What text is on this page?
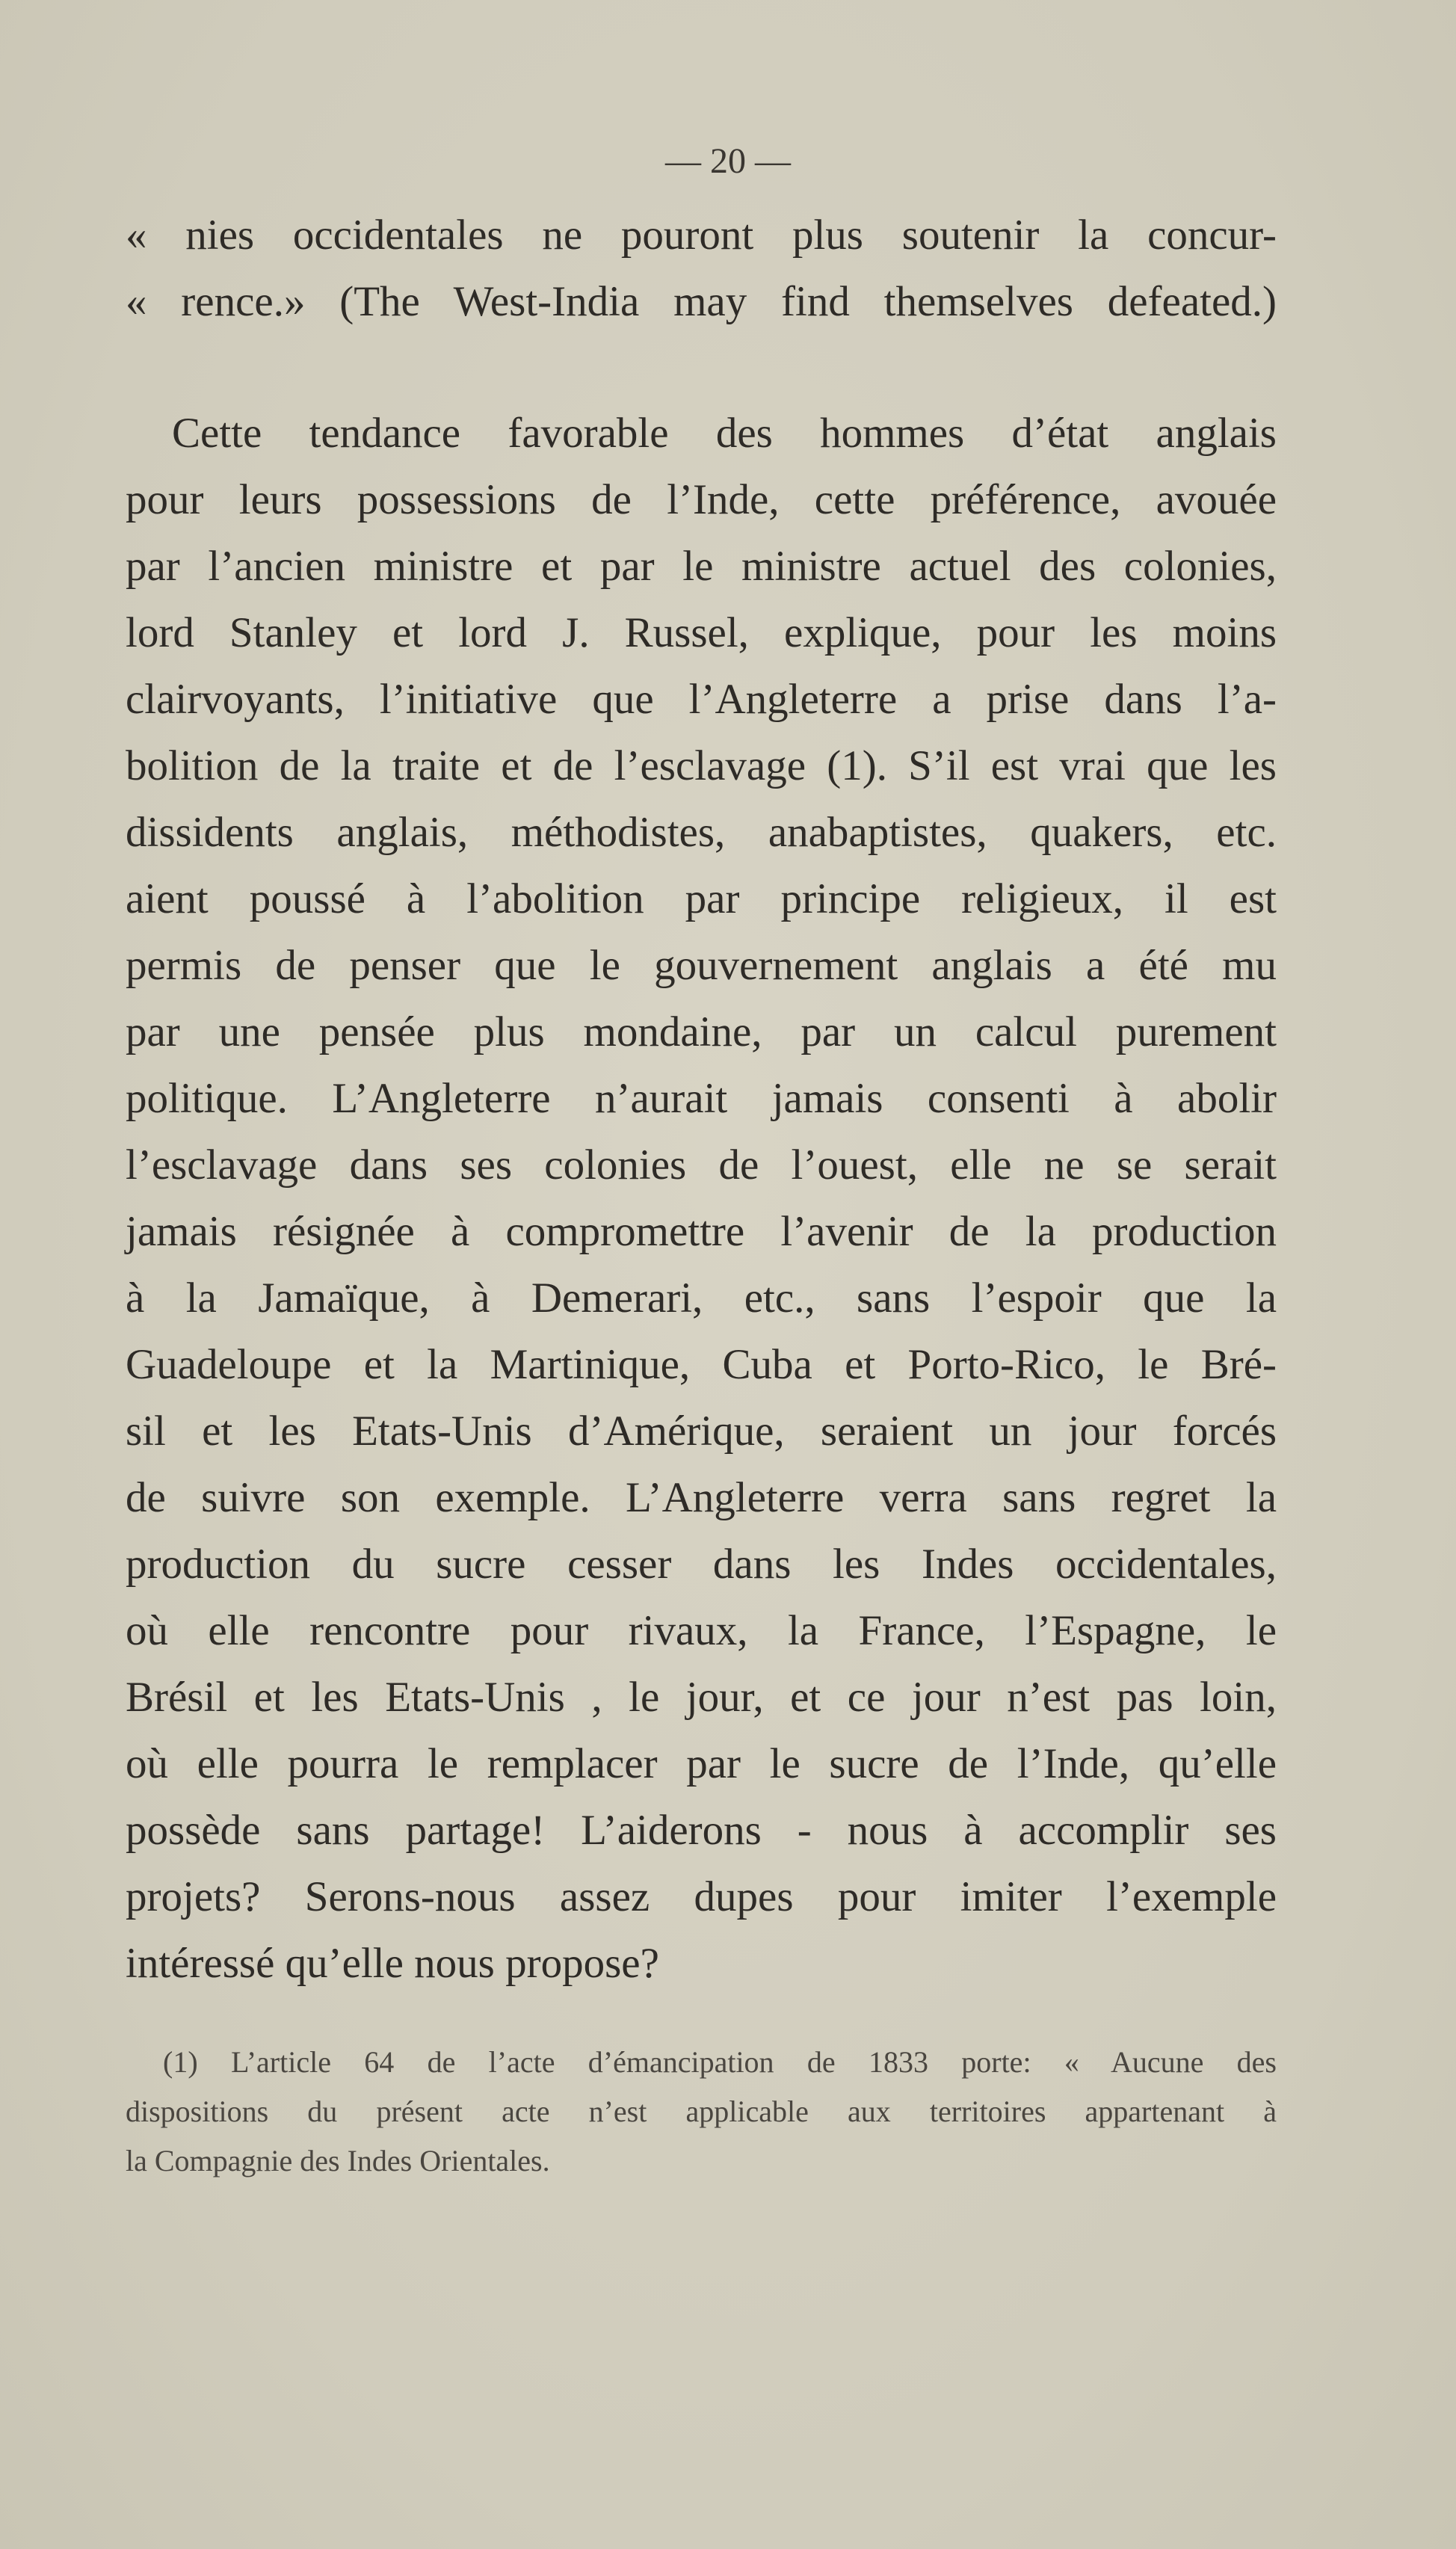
— 20 —
« nies occidentales ne pouront plus soutenir la concur-
« rence.» (The West-India may find themselves defeated.)
Cette tendance favorable des hommes d’état anglais
pour leurs possessions de l’Inde, cette préférence, avouée
par l’ancien ministre et par le ministre actuel des colonies,
lord Stanley et lord J. Russel, explique, pour les moins
clairvoyants, l’initiative que l’Angleterre a prise dans l’a-
bolition de la traite et de l’esclavage (1). S’il est vrai que les
dissidents anglais, méthodistes, anabaptistes, quakers, etc.
aient poussé à l’abolition par principe religieux, il est
permis de penser que le gouvernement anglais a été mu
par une pensée plus mondaine, par un calcul purement
politique. L’Angleterre n’aurait jamais consenti à abolir
l’esclavage dans ses colonies de l’ouest, elle ne se serait
jamais résignée à compromettre l’avenir de la production
à la Jamaïque, à Demerari, etc., sans l’espoir que la
Guadeloupe et la Martinique, Cuba et Porto-Rico, le Bré-
sil et les Etats-Unis d’Amérique, seraient un jour forcés
de suivre son exemple. L’Angleterre verra sans regret la
production du sucre cesser dans les Indes occidentales,
où elle rencontre pour rivaux, la France, l’Espagne, le
Brésil et les Etats-Unis , le jour, et ce jour n’est pas loin,
où elle pourra le remplacer par le sucre de l’Inde, qu’elle
possède sans partage! L’aiderons - nous à accomplir ses
projets? Serons-nous assez dupes pour imiter l’exemple
intéressé qu’elle nous propose?
(1) L’article 64 de l’acte d’émancipation de 1833 porte: « Aucune des
dispositions du présent acte n’est applicable aux territoires appartenant à
la Compagnie des Indes Orientales.
